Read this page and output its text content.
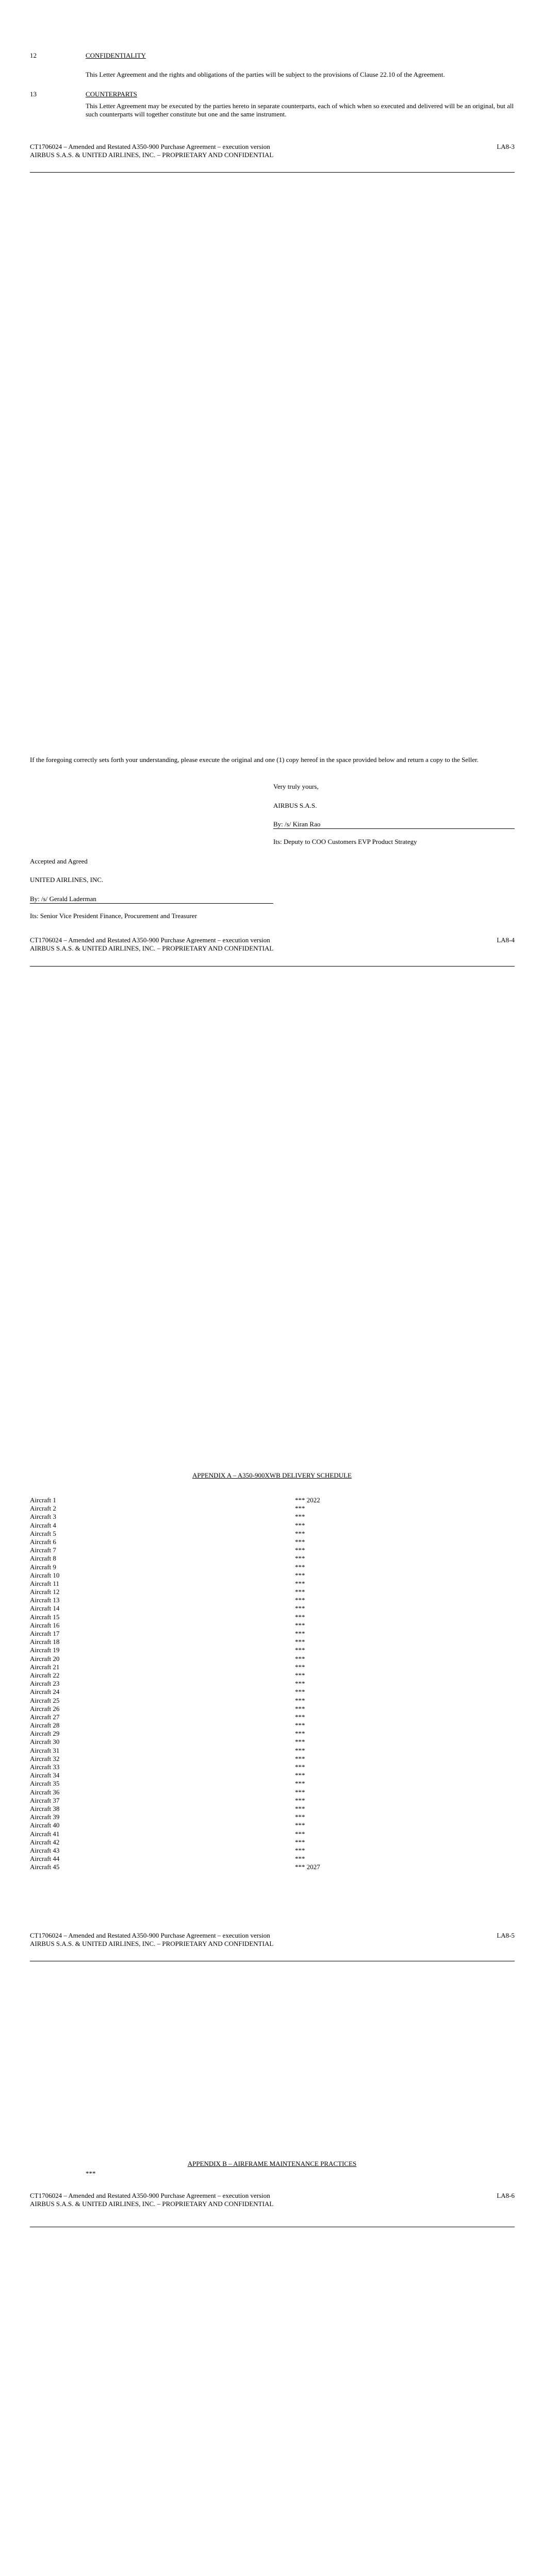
12	CONFIDENTIALITY
This Letter Agreement and the rights and obligations of the parties will be subject to the provisions of Clause 22.10 of the Agreement.
13	COUNTERPARTS
This Letter Agreement may be executed by the parties hereto in separate counterparts, each of which when so executed and delivered will be an original, but all such counterparts will together constitute but one and the same instrument.
CT1706024 – Amended and Restated A350-900 Purchase Agreement – execution version	LA8-3
AIRBUS S.A.S. & UNITED AIRLINES, INC. – PROPRIETARY AND CONFIDENTIAL
If the foregoing correctly sets forth your understanding, please execute the original and one (1) copy hereof in the space provided below and return a copy to the Seller.
Very truly yours,
AIRBUS S.A.S.
By: /s/ Kiran Rao
Its: Deputy to COO Customers EVP Product Strategy
Accepted and Agreed
UNITED AIRLINES, INC.
By: /s/ Gerald Laderman
Its: Senior Vice President Finance, Procurement and Treasurer
CT1706024 – Amended and Restated A350-900 Purchase Agreement – execution version	LA8-4
AIRBUS S.A.S. & UNITED AIRLINES, INC. – PROPRIETARY AND CONFIDENTIAL
APPENDIX A – A350-900XWB DELIVERY SCHEDULE
Aircraft 1	*** 2022
Aircraft 2	***
Aircraft 3	***
Aircraft 4	***
Aircraft 5	***
Aircraft 6	***
Aircraft 7	***
Aircraft 8	***
Aircraft 9	***
Aircraft 10	***
Aircraft 11	***
Aircraft 12	***
Aircraft 13	***
Aircraft 14	***
Aircraft 15	***
Aircraft 16	***
Aircraft 17	***
Aircraft 18	***
Aircraft 19	***
Aircraft 20	***
Aircraft 21	***
Aircraft 22	***
Aircraft 23	***
Aircraft 24	***
Aircraft 25	***
Aircraft 26	***
Aircraft 27	***
Aircraft 28	***
Aircraft 29	***
Aircraft 30	***
Aircraft 31	***
Aircraft 32	***
Aircraft 33	***
Aircraft 34	***
Aircraft 35	***
Aircraft 36	***
Aircraft 37	***
Aircraft 38	***
Aircraft 39	***
Aircraft 40	***
Aircraft 41	***
Aircraft 42	***
Aircraft 43	***
Aircraft 44	***
Aircraft 45	*** 2027
CT1706024 – Amended and Restated A350-900 Purchase Agreement – execution version	LA8-5
AIRBUS S.A.S. & UNITED AIRLINES, INC. – PROPRIETARY AND CONFIDENTIAL
APPENDIX B – AIRFRAME MAINTENANCE PRACTICES
***
CT1706024 – Amended and Restated A350-900 Purchase Agreement – execution version	LA8-6
AIRBUS S.A.S. & UNITED AIRLINES, INC. – PROPRIETARY AND CONFIDENTIAL
